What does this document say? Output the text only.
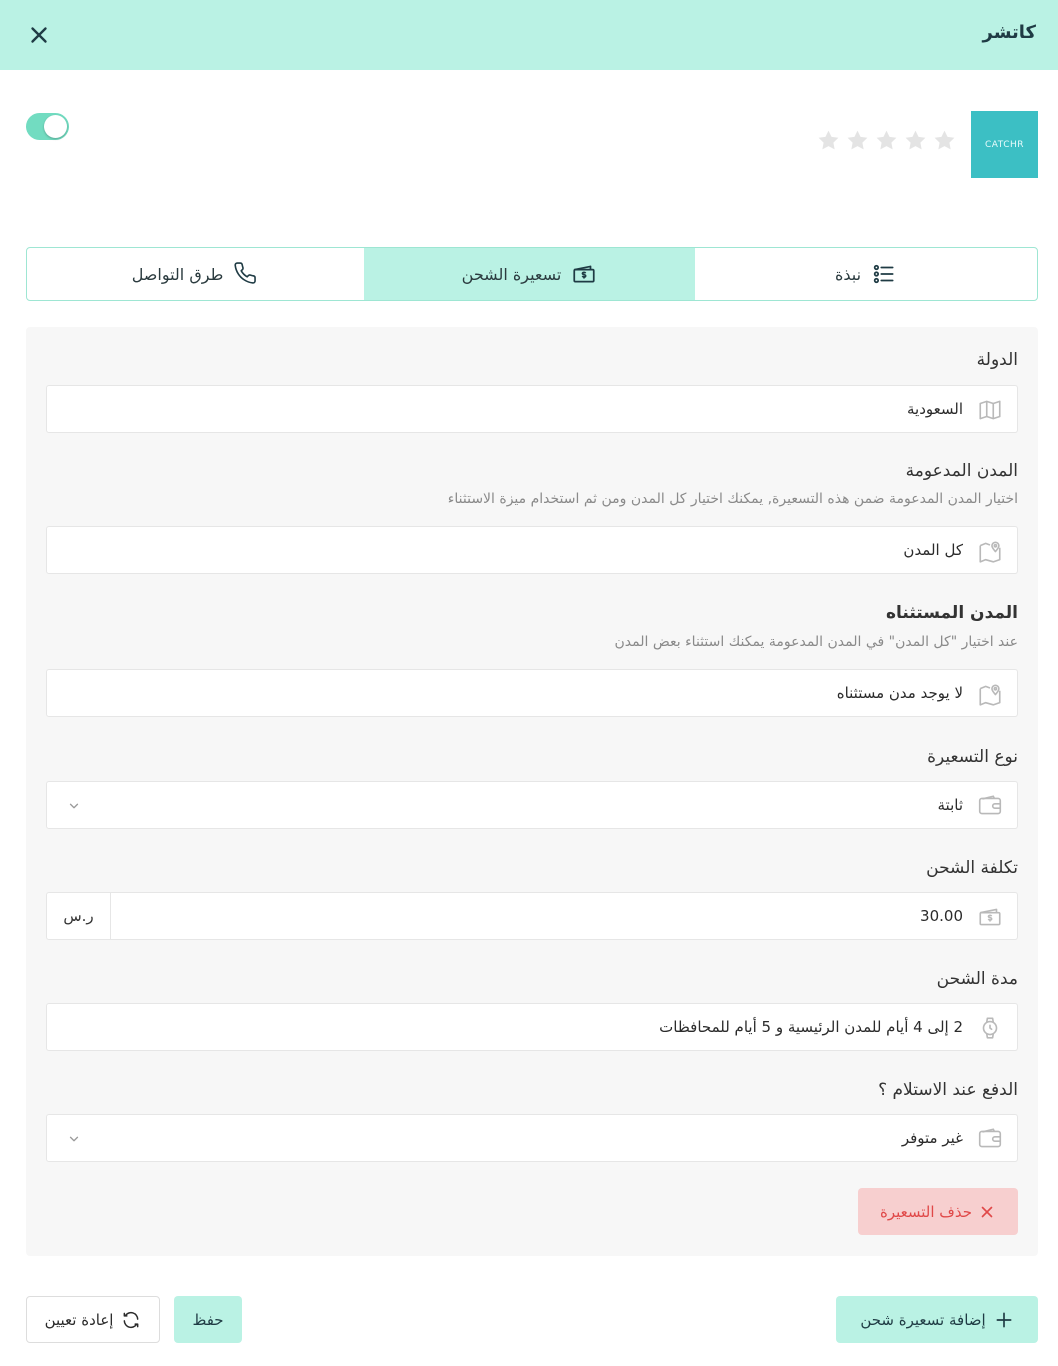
كاتشر
CATCHR
نبذة
تسعيرة الشحن
طرق التواصل
الدولة
السعودية
المدن المدعومة
اختيار المدن المدعومة ضمن هذه التسعيرة, يمكنك اختيار كل المدن ومن ثم استخدام ميزة الاستثناء
كل المدن
المدن المستثناه
عند اختيار "كل المدن" في المدن المدعومة يمكنك استثناء بعض المدن
لا يوجد مدن مستثناه
نوع التسعيرة
ثابتة
تكلفة الشحن
30.00
ر.س
مدة الشحن
2 إلى 4 أيام للمدن الرئيسية و 5 أيام للمحافظات
الدفع عند الاستلام ؟
غير متوفر
حذف التسعيرة
إضافة تسعيرة شحن
حفظ
إعادة تعيين
